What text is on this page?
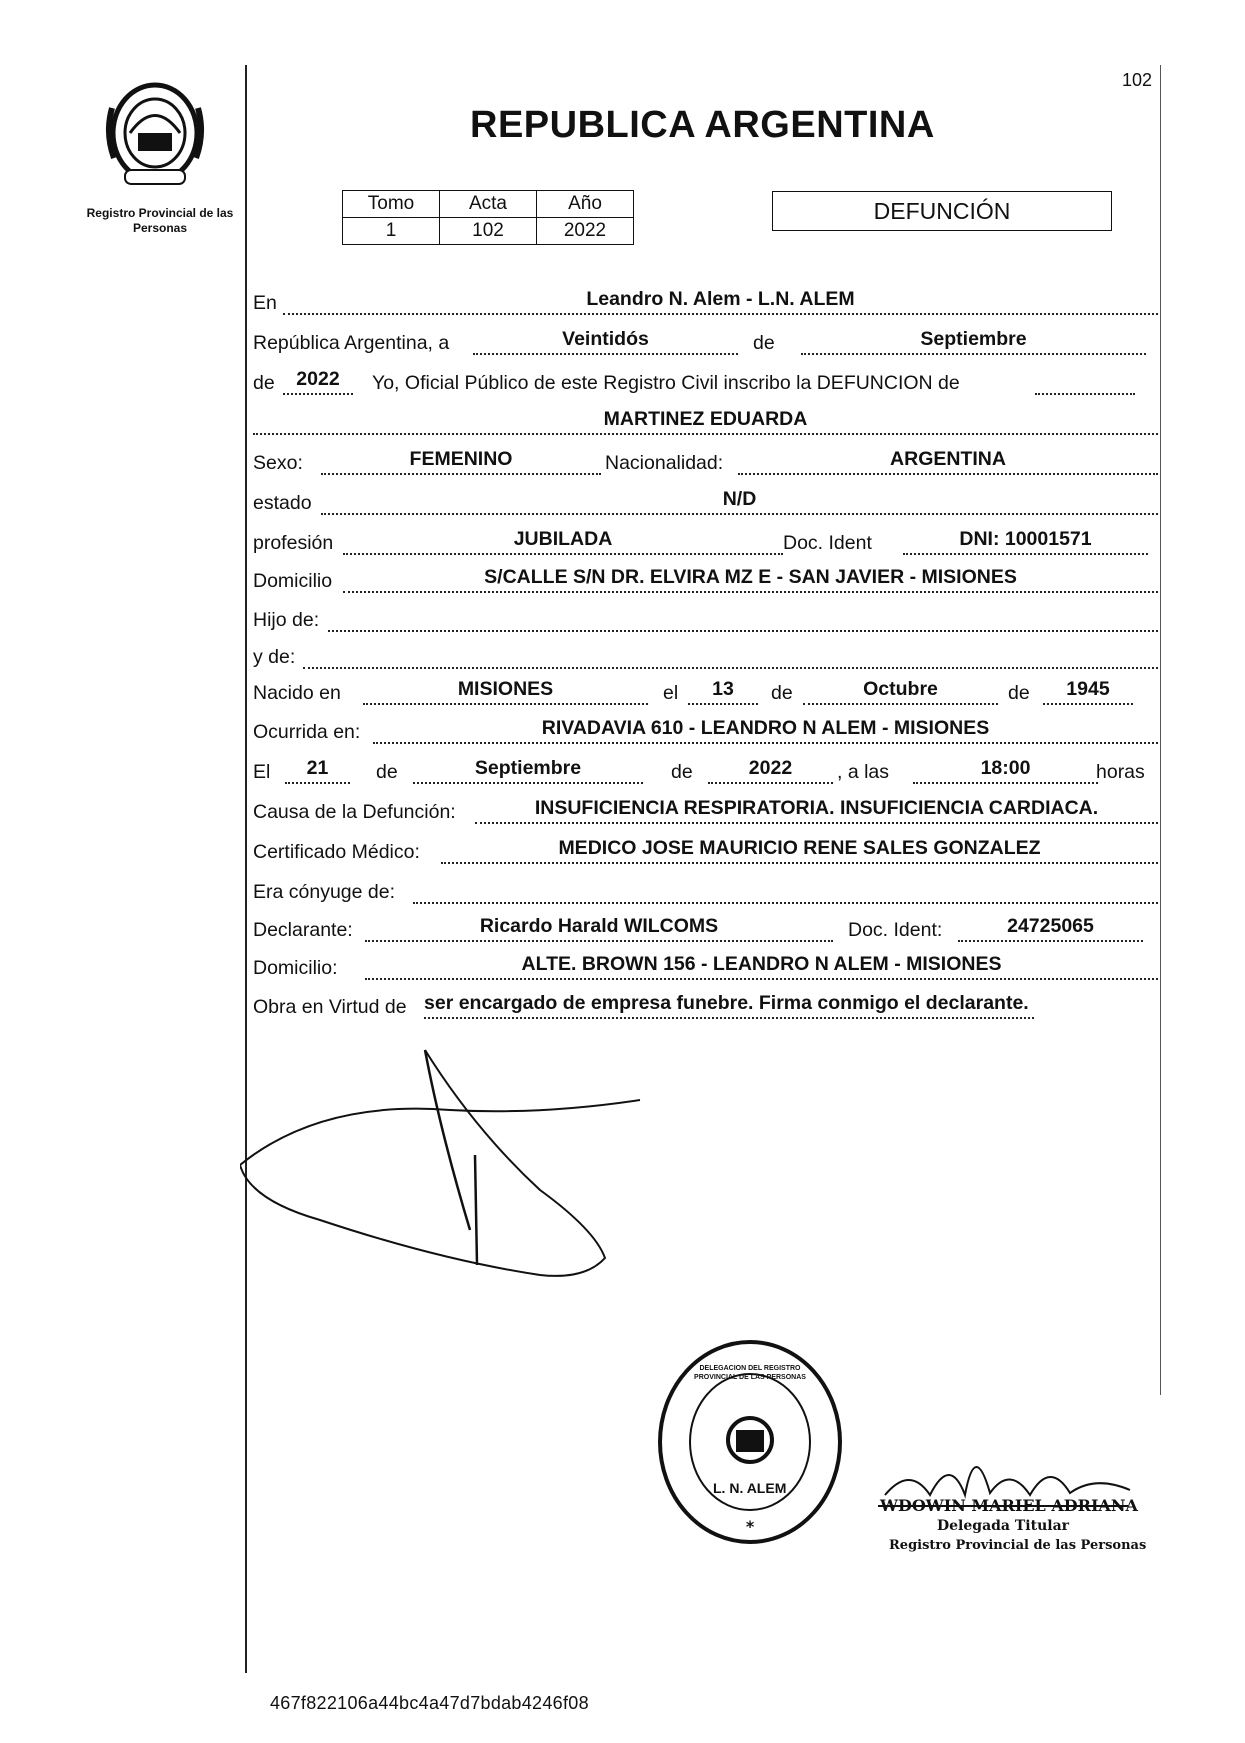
Registro Provincial de las Personas
102
REPUBLICA ARGENTINA
Tomo	Acta	Año
1	102	2022
DEFUNCIÓN
En	Leandro N. Alem - L.N. ALEM
República Argentina, a	Veintidós	de	Septiembre
de	2022	Yo, Oficial Público de este Registro Civil inscribo la DEFUNCION de
MARTINEZ EDUARDA
Sexo:	FEMENINO	Nacionalidad:	ARGENTINA
estado	N/D
profesión	JUBILADA	Doc. Ident	DNI: 10001571
Domicilio	S/CALLE S/N DR. ELVIRA MZ E - SAN JAVIER - MISIONES
Hijo de:
y de:
Nacido en	MISIONES	el	13	de	Octubre	de	1945
Ocurrida en:	RIVADAVIA 610 - LEANDRO N ALEM - MISIONES
El	21	de	Septiembre	de	2022	, a las	18:00	horas
Causa de la Defunción:	INSUFICIENCIA RESPIRATORIA. INSUFICIENCIA CARDIACA.
Certificado Médico:	MEDICO JOSE MAURICIO RENE SALES GONZALEZ
Era cónyuge de:
Declarante:	Ricardo Harald WILCOMS	Doc. Ident:	24725065
Domicilio:	ALTE. BROWN 156 - LEANDRO N ALEM - MISIONES
Obra en Virtud de ser encargado de empresa funebre. Firma conmigo el declarante.
*
L. N. ALEM
DELEGACION DEL REGISTRO PROVINCIAL DE LAS PERSONAS
WDOWIN MARIEL ADRIANA
Delegada Titular
Registro Provincial de las Personas
467f822106a44bc4a47d7bdab4246f08
